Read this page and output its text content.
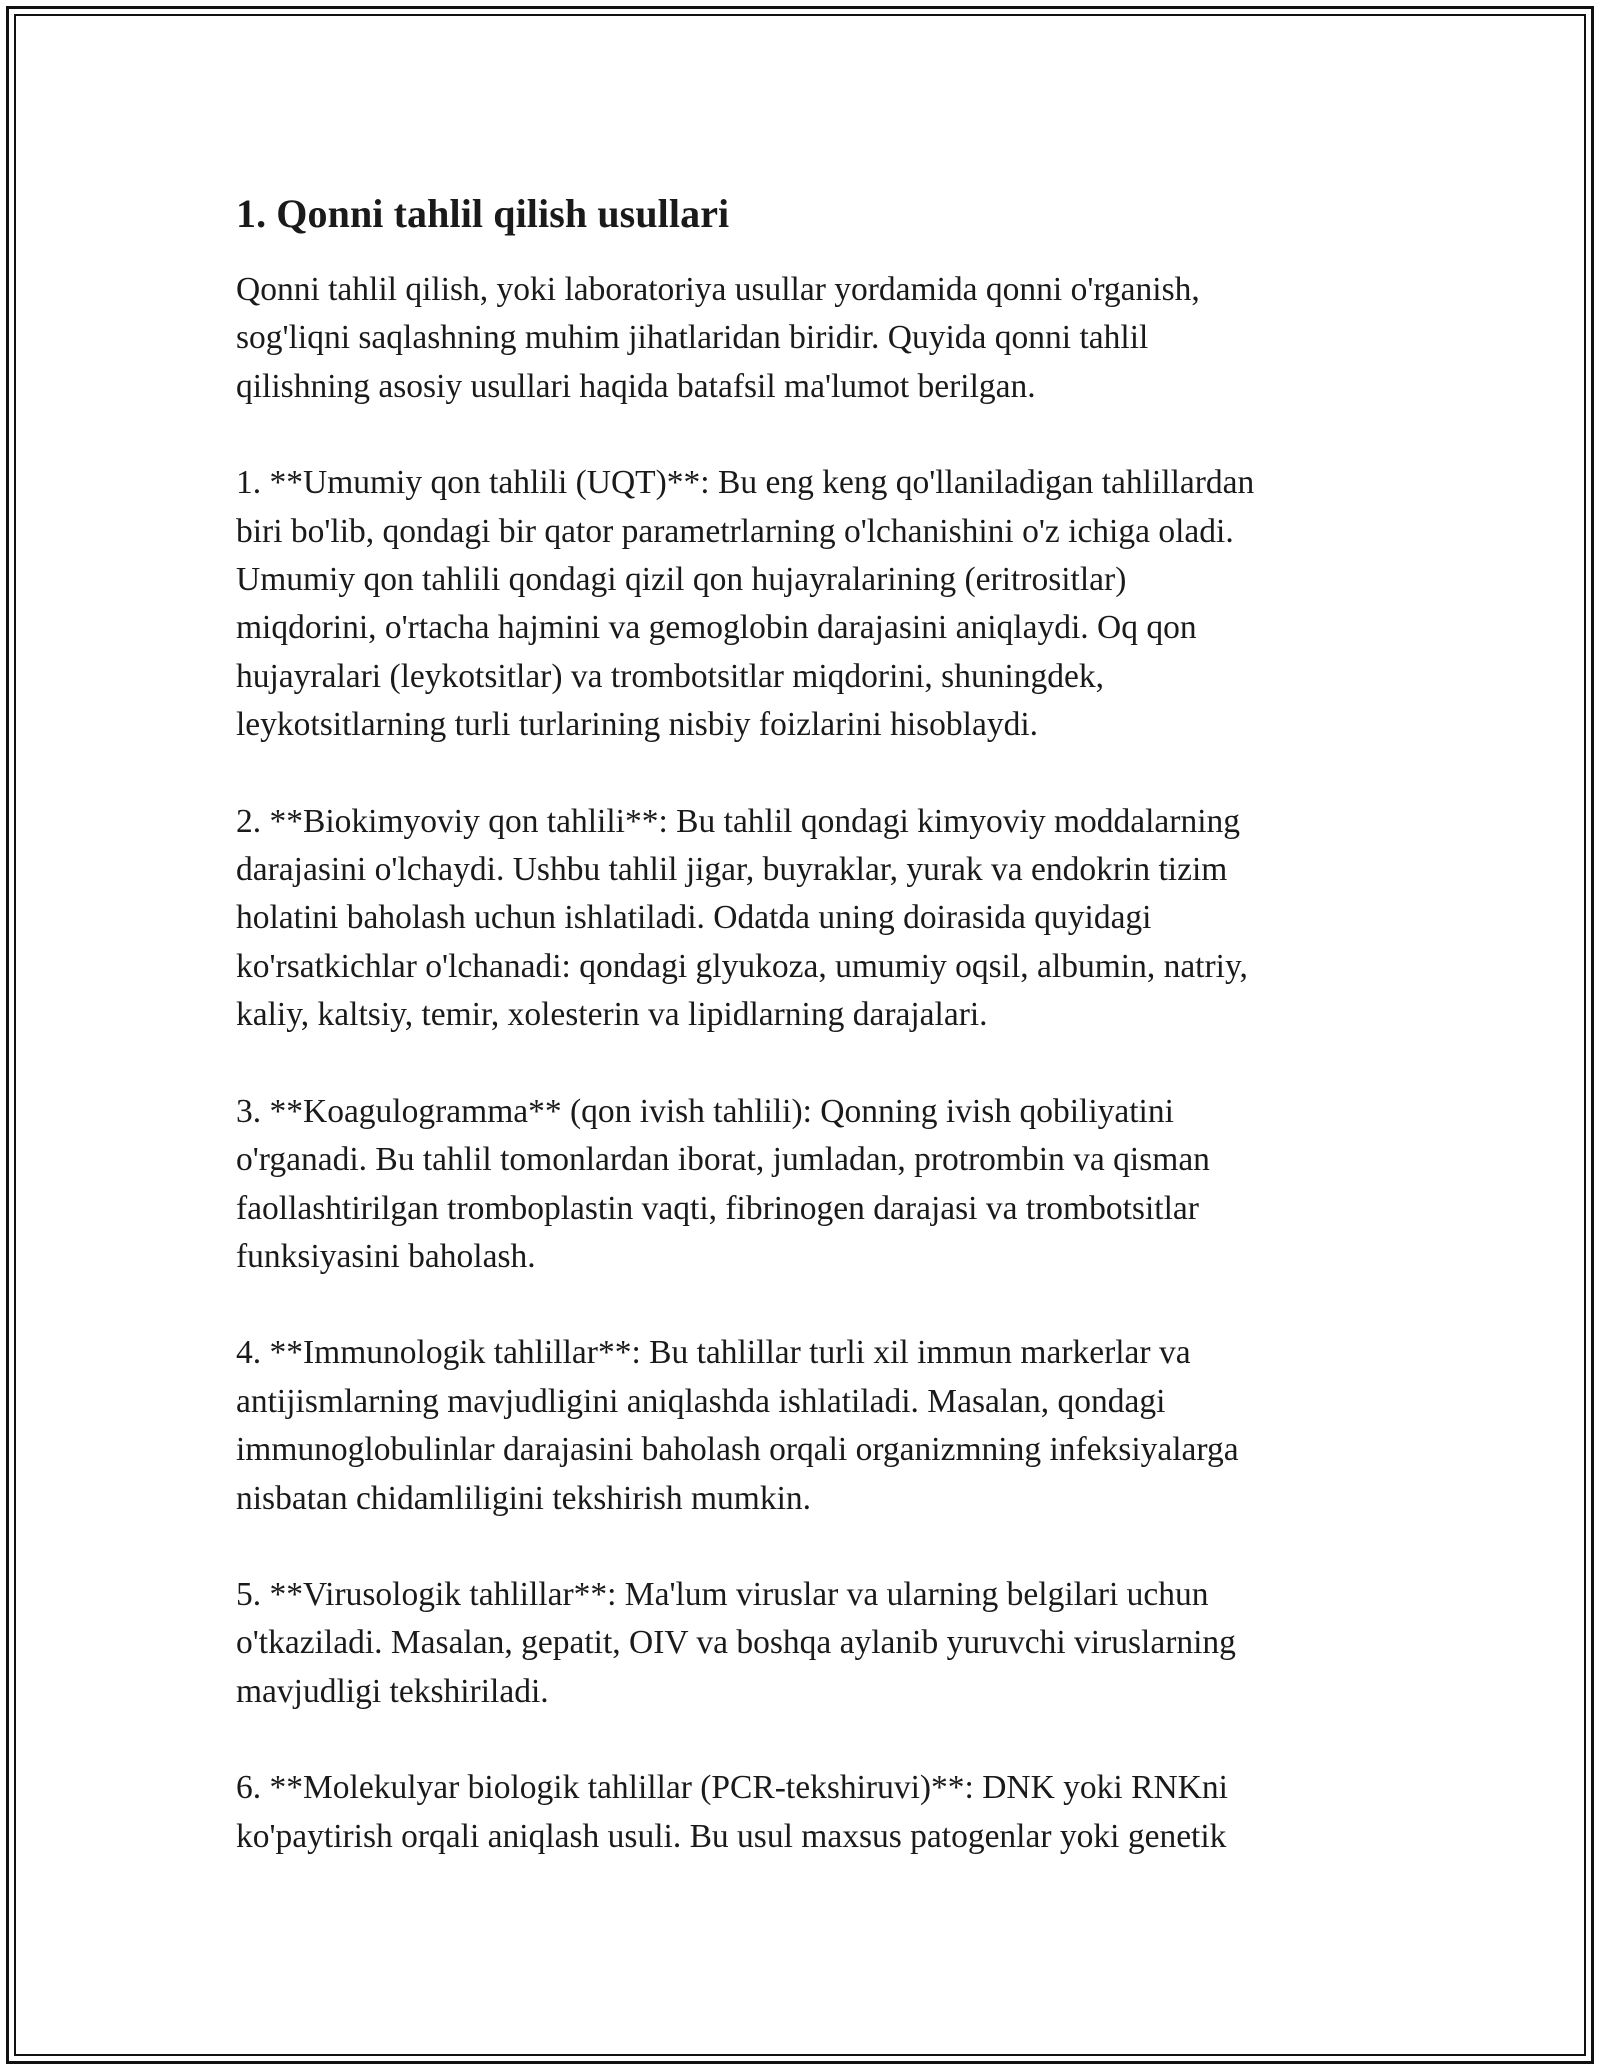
1. Qonni tahlil qilish usullari

Qonni tahlil qilish, yoki laboratoriya usullar yordamida qonni o'rganish,
sog'liqni saqlashning muhim jihatlaridan biridir. Quyida qonni tahlil
qilishning asosiy usullari haqida batafsil ma'lumot berilgan.

1. **Umumiy qon tahlili (UQT)**: Bu eng keng qo'llaniladigan tahlillardan
biri bo'lib, qondagi bir qator parametrlarning o'lchanishini o'z ichiga oladi.
Umumiy qon tahlili qondagi qizil qon hujayralarining (eritrositlar)
miqdorini, o'rtacha hajmini va gemoglobin darajasini aniqlaydi. Oq qon
hujayralari (leykotsitlar) va trombotsitlar miqdorini, shuningdek,
leykotsitlarning turli turlarining nisbiy foizlarini hisoblaydi.

2. **Biokimyoviy qon tahlili**: Bu tahlil qondagi kimyoviy moddalarning
darajasini o'lchaydi. Ushbu tahlil jigar, buyraklar, yurak va endokrin tizim
holatini baholash uchun ishlatiladi. Odatda uning doirasida quyidagi
ko'rsatkichlar o'lchanadi: qondagi glyukoza, umumiy oqsil, albumin, natriy,
kaliy, kaltsiy, temir, xolesterin va lipidlarning darajalari.

3. **Koagulogramma** (qon ivish tahlili): Qonning ivish qobiliyatini
o'rganadi. Bu tahlil tomonlardan iborat, jumladan, protrombin va qisman
faollashtirilgan tromboplastin vaqti, fibrinogen darajasi va trombotsitlar
funksiyasini baholash.

4. **Immunologik tahlillar**: Bu tahlillar turli xil immun markerlar va
antijismlarning mavjudligini aniqlashda ishlatiladi. Masalan, qondagi
immunoglobulinlar darajasini baholash orqali organizmning infeksiyalarga
nisbatan chidamliligini tekshirish mumkin.

5. **Virusologik tahlillar**: Ma'lum viruslar va ularning belgilari uchun
o'tkaziladi. Masalan, gepatit, OIV va boshqa aylanib yuruvchi viruslarning
mavjudligi tekshiriladi.

6. **Molekulyar biologik tahlillar (PCR-tekshiruvi)**: DNK yoki RNKni
ko'paytirish orqali aniqlash usuli. Bu usul maxsus patogenlar yoki genetik
